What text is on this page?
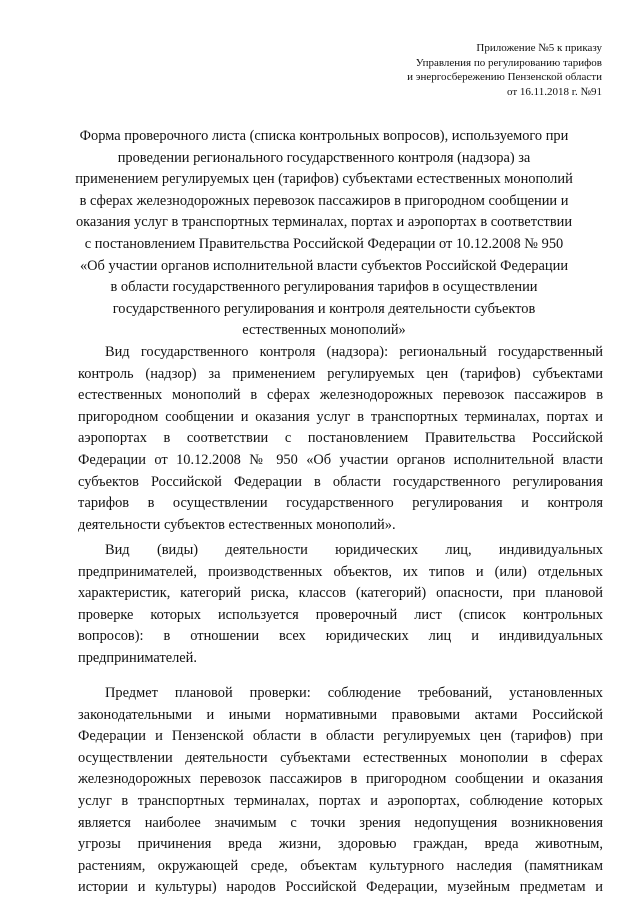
Приложение №5 к приказу
Управления по регулированию тарифов
и энергосбережению Пензенской области
от 16.11.2018 г. №91
Форма проверочного листа (списка контрольных вопросов), используемого при
проведении регионального государственного контроля (надзора) за
применением регулируемых цен (тарифов) субъектами естественных монополий
в сферах железнодорожных перевозок пассажиров в пригородном сообщении и
оказания услуг в транспортных терминалах, портах и аэропортах в соответствии
с постановлением Правительства Российской Федерации от 10.12.2008 № 950
«Об участии органов исполнительной власти субъектов Российской Федерации
в области государственного регулирования тарифов в осуществлении
государственного регулирования и контроля деятельности субъектов
естественных монополий»
Вид государственного контроля (надзора): региональный государственный
контроль (надзор) за применением регулируемых цен (тарифов) субъектами
естественных монополий в сферах железнодорожных перевозок пассажиров в
пригородном сообщении и оказания услуг в транспортных терминалах, портах и
аэропортах в соответствии с постановлением Правительства Российской
Федерации от 10.12.2008 № 950 «Об участии органов исполнительной власти
субъектов Российской Федерации в области государственного регулирования
тарифов в осуществлении государственного регулирования и контроля
деятельности субъектов естественных монополий».
Вид (виды) деятельности юридических лиц, индивидуальных
предпринимателей, производственных объектов, их типов и (или) отдельных
характеристик, категорий риска, классов (категорий) опасности, при плановой
проверке которых используется проверочный лист (список контрольных
вопросов): в отношении всех юридических лиц и индивидуальных
предпринимателей.
Предмет плановой проверки: соблюдение требований, установленных
законодательными и иными нормативными правовыми актами Российской
Федерации и Пензенской области в области регулируемых цен (тарифов) при
осуществлении деятельности субъектами естественных монополии в сферах
железнодорожных перевозок пассажиров в пригородном сообщении и оказания
услуг в транспортных терминалах, портах и аэропортах, соблюдение которых
является наиболее значимым с точки зрения недопущения возникновения
угрозы причинения вреда жизни, здоровью граждан, вреда животным,
растениям, окружающей среде, объектам культурного наследия (памятникам
истории и культуры) народов Российской Федерации, музейным предметам и
